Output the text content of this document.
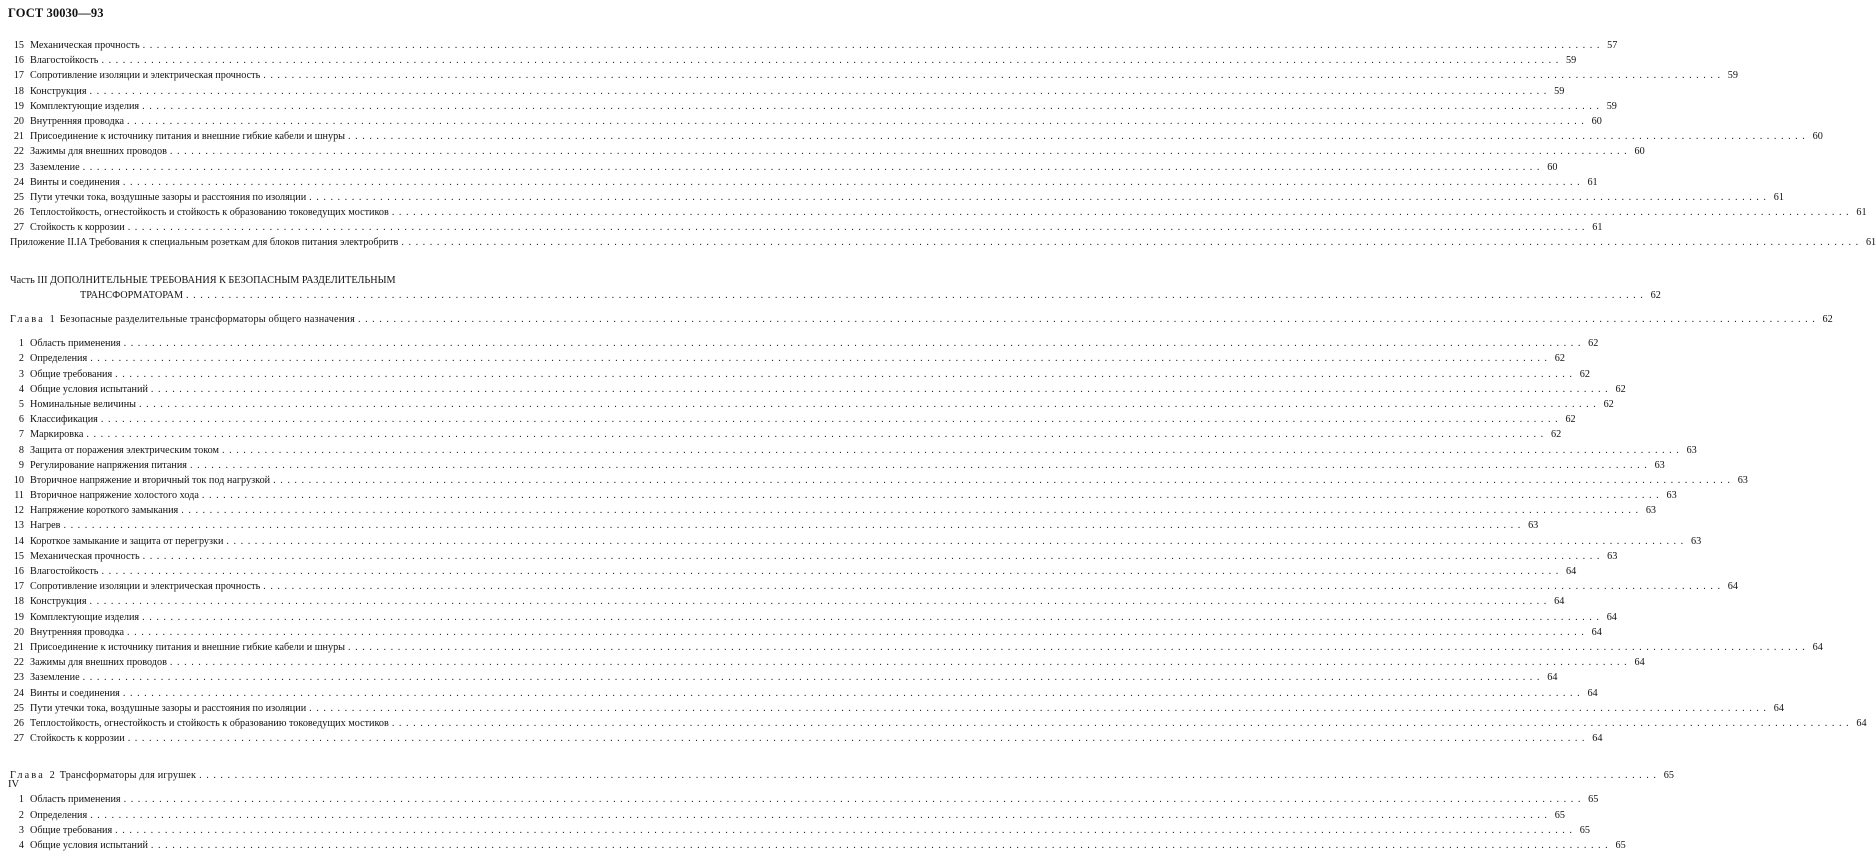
ГОСТ 30030—93
15 Механическая прочность . . .	57
16 Влагостойкость . . .	59
17 Сопротивление изоляции и электрическая прочность . . .	59
18 Конструкция . . .	59
19 Комплектующие изделия . . .	59
20 Внутренняя проводка . . .	60
21 Присоединение к источнику питания и внешние гибкие кабели и шнуры . . .	60
22 Зажимы для внешних проводов . . .	60
23 Заземление . . .	60
24 Винты и соединения . . .	61
25 Пути утечки тока, воздушные зазоры и расстояния по изоляции . . .	61
26 Теплостойкость, огнестойкость и стойкость к образованию токоведущих мостиков . . .	61
27 Стойкость к коррозии . . .	61
Приложение II.IA Требования к специальным розеткам для блоков питания электробритв . . .	61
Часть III ДОПОЛНИТЕЛЬНЫЕ ТРЕБОВАНИЯ К БЕЗОПАСНЫМ РАЗДЕЛИТЕЛЬНЫМ
ТРАНСФОРМАТОРАМ . . .	62
Глава 1 Безопасные разделительные трансформаторы общего назначения . . .	62
1 Область применения . . .	62
2 Определения . . .	62
3 Общие требования . . .	62
4 Общие условия испытаний . . .	62
5 Номинальные величины . . .	62
6 Классификация . . .	62
7 Маркировка . . .	62
8 Защита от поражения электрическим током . . .	63
9 Регулирование напряжения питания . . .	63
10 Вторичное напряжение и вторичный ток под нагрузкой . . .	63
11 Вторичное напряжение холостого хода . . .	63
12 Напряжение короткого замыкания . . .	63
13 Нагрев . . .	63
14 Короткое замыкание и защита от перегрузки . . .	63
15 Механическая прочность . . .	63
16 Влагостойкость . . .	64
17 Сопротивление изоляции и электрическая прочность . . .	64
18 Конструкция . . .	64
19 Комплектующие изделия . . .	64
20 Внутренняя проводка . . .	64
21 Присоединение к источнику питания и внешние гибкие кабели и шнуры . . .	64
22 Зажимы для внешних проводов . . .	64
23 Заземление . . .	64
24 Винты и соединения . . .	64
25 Пути утечки тока, воздушные зазоры и расстояния по изоляции . . .	64
26 Теплостойкость, огнестойкость и стойкость к образованию токоведущих мостиков . . .	64
27 Стойкость к коррозии . . .	64
Глава 2 Трансформаторы для игрушек . . .	65
1 Область применения . . .	65
2 Определения . . .	65
3 Общие требования . . .	65
4 Общие условия испытаний . . .	65
IV
